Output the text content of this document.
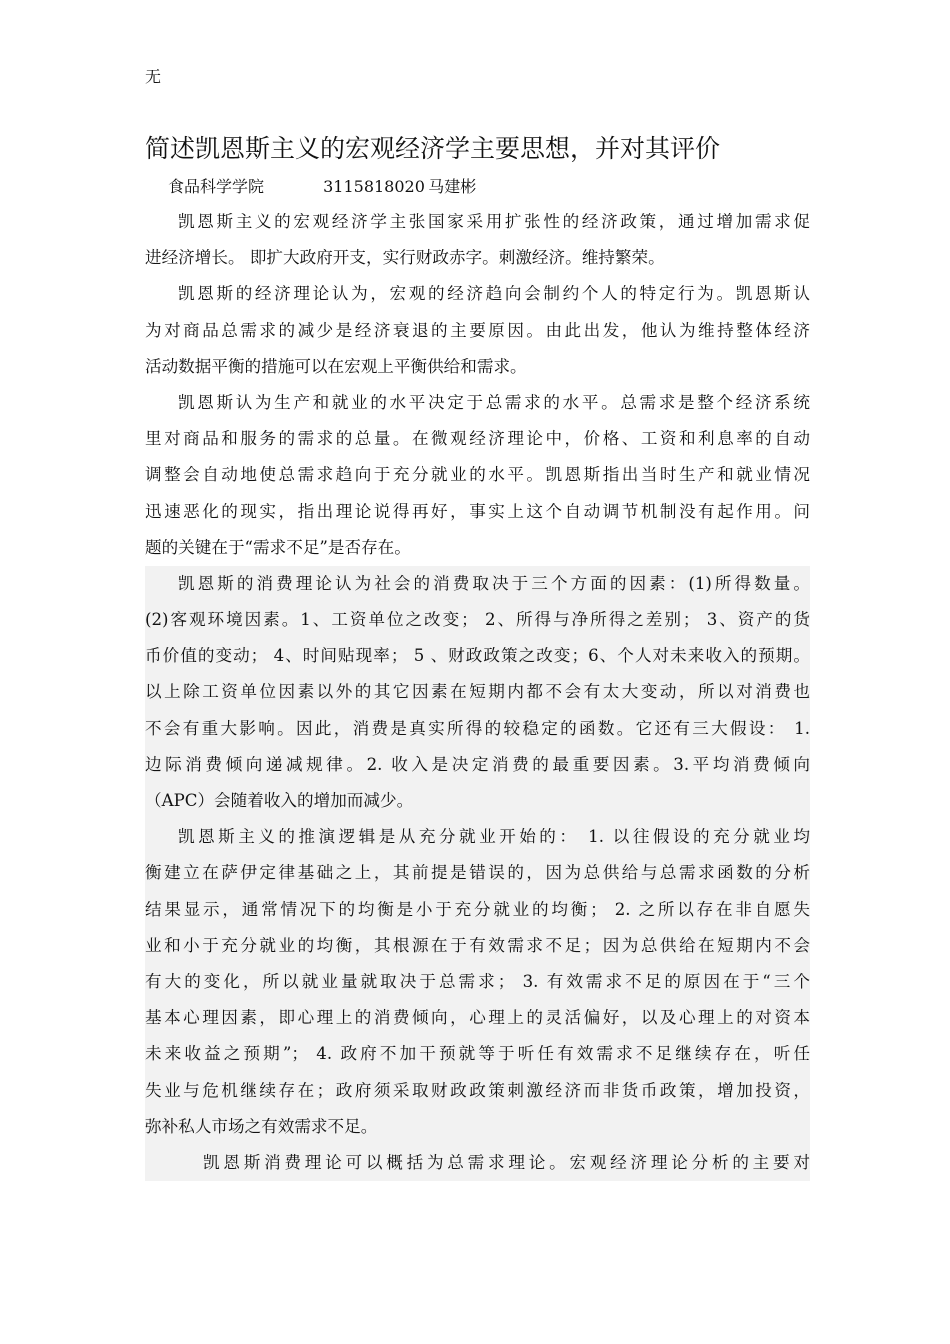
无
简述凯恩斯主义的宏观经济学主要思想，并对其评价
食品科学学院	3115818020 马建彬
凯恩斯主义的宏观经济学主张国家采用扩张性的经济政策，通过增加需求促
进经济增长。 即扩大政府开支，实行财政赤字。刺激经济。维持繁荣。
凯恩斯的经济理论认为，宏观的经济趋向会制约个人的特定行为。凯恩斯认
为对商品总需求的减少是经济衰退的主要原因。由此出发，他认为维持整体经济
活动数据平衡的措施可以在宏观上平衡供给和需求。
凯恩斯认为生产和就业的水平决定于总需求的水平。总需求是整个经济系统
里对商品和服务的需求的总量。在微观经济理论中，价格、工资和利息率的自动
调整会自动地使总需求趋向于充分就业的水平。凯恩斯指出当时生产和就业情况
迅速恶化的现实，指出理论说得再好，事实上这个自动调节机制没有起作用。问
题的关键在于“需求不足”是否存在。
凯恩斯的消费理论认为社会的消费取决于三个方面的因素：(1)所得数量。
(2)客观环境因素。1、工资单位之改变； 2、所得与净所得之差别； 3、资产的货
币价值的变动； 4、时间贴现率； 5 、财政政策之改变；6、个人对未来收入的预期。
以上除工资单位因素以外的其它因素在短期内都不会有太大变动，所以对消费也
不会有重大影响。因此，消费是真实所得的较稳定的函数。它还有三大假设： 1.
边际消费倾向递减规律。2. 收入是决定消费的最重要因素。3.平均消费倾向
（APC）会随着收入的增加而减少。
凯恩斯主义的推演逻辑是从充分就业开始的： 1. 以往假设的充分就业均
衡建立在萨伊定律基础之上，其前提是错误的，因为总供给与总需求函数的分析
结果显示，通常情况下的均衡是小于充分就业的均衡； 2. 之所以存在非自愿失
业和小于充分就业的均衡，其根源在于有效需求不足；因为总供给在短期内不会
有大的变化，所以就业量就取决于总需求； 3. 有效需求不足的原因在于“三个
基本心理因素，即心理上的消费倾向，心理上的灵活偏好，以及心理上的对资本
未来收益之预期”； 4. 政府不加干预就等于听任有效需求不足继续存在，听任
失业与危机继续存在；政府须采取财政政策刺激经济而非货币政策，增加投资，
弥补私人市场之有效需求不足。
凯恩斯消费理论可以概括为总需求理论。宏观经济理论分析的主要对
